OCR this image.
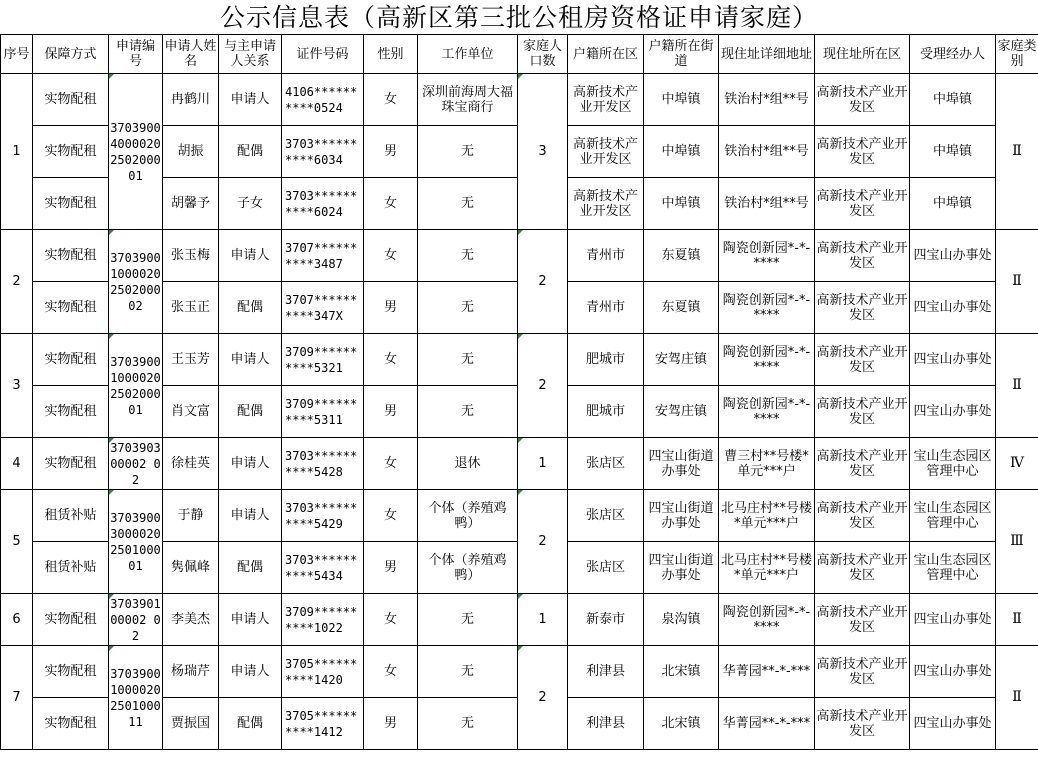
公示信息表（高新区第三批公租房资格证申请家庭）
序号	保障方式	申请编号	申请人姓名	与主申请人关系	证件号码	性别	工作单位	家庭人口数	户籍所在区	户籍所在街道	现住址详细地址	现住址所在区	受理经办人	家庭类别
1	实物配租	3703900400002025020000​1	冉鹤川	申请人	4106**********0524	女	深圳前海周大福珠宝商行	3	高新技术产业开发区	中埠镇	铁治村*组**号	高新技术产业开发区	中埠镇	Ⅱ
	实物配租		胡振	配偶	3703**********6034	男	无		高新技术产业开发区	中埠镇	铁治村*组**号	高新技术产业开发区	中埠镇	
	实物配租		胡馨予	子女	3703**********6024	女	无		高新技术产业开发区	中埠镇	铁治村*组**号	高新技术产业开发区	中埠镇	
2	实物配租	37039001000020250200002	张玉梅	申请人	3707**********3487	女	无	2	青州市	东夏镇	陶瓷创新园*-*-****	高新技术产业开发区	四宝山办事处	Ⅱ
	实物配租		张玉正	配偶	3707**********347X	男	无		青州市	东夏镇	陶瓷创新园*-*-****	高新技术产业开发区	四宝山办事处	
3	实物配租	37039001000020250200001	王玉芳	申请人	3709**********5321	女	无	2	肥城市	安驾庄镇	陶瓷创新园*-*-****	高新技术产业开发区	四宝山办事处	Ⅱ
	实物配租		肖文富	配偶	3709**********5311	男	无		肥城市	安驾庄镇	陶瓷创新园*-*-****	高新技术产业开发区	四宝山办事处	
4	实物配租	370390300002 02	徐桂英	申请人	3703**********5428	女	退休	1	张店区	四宝山街道办事处	曹三村**号楼*单元***户	高新技术产业开发区	宝山生态园区管理中心	Ⅳ
5	租赁补贴	37039003000020250100001	于静	申请人	3703**********5429	女	个体（养殖鸡鸭）	2	张店区	四宝山街道办事处	北马庄村**号楼*单元***户	高新技术产业开发区	宝山生态园区管理中心	Ⅲ
	租赁补贴		隽佩峰	配偶	3703**********5434	男	个体（养殖鸡鸭）		张店区	四宝山街道办事处	北马庄村**号楼*单元***户	高新技术产业开发区	宝山生态园区管理中心	
6	实物配租	370390100002 02	李美杰	申请人	3709**********1022	女	无	1	新泰市	泉沟镇	陶瓷创新园*-*-****	高新技术产业开发区	四宝山办事处	Ⅱ
7	实物配租	37039001000020250100011	杨瑞芹	申请人	3705**********1420	女	无	2	利津县	北宋镇	华菁园**-*-***	高新技术产业开发区	四宝山办事处	Ⅱ
	实物配租		贾振国	配偶	3705**********1412	男	无		利津县	北宋镇	华菁园**-*-***	高新技术产业开发区	四宝山办事处	
